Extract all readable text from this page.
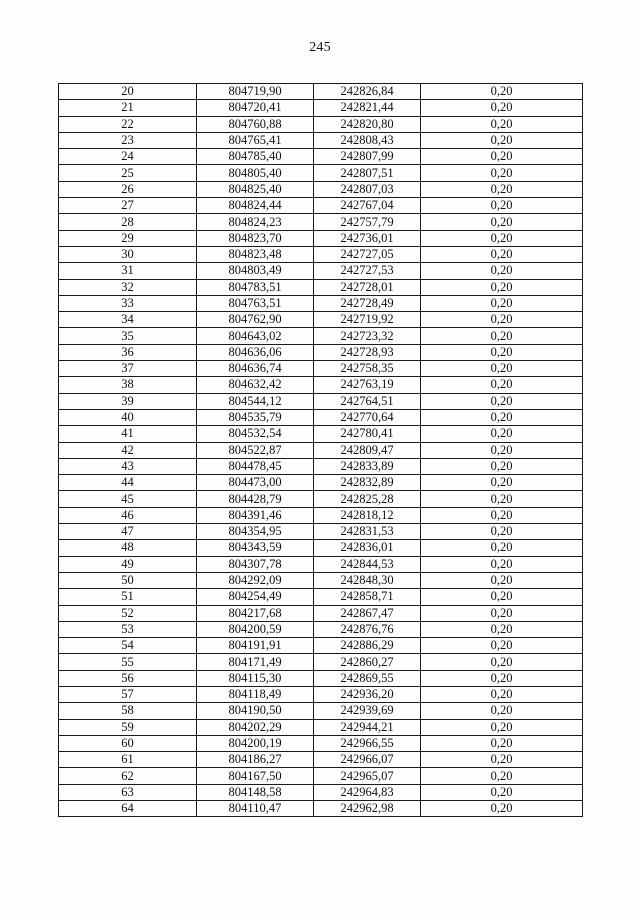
245
20	804719,90	242826,84	0,20
21	804720,41	242821,44	0,20
22	804760,88	242820,80	0,20
23	804765,41	242808,43	0,20
24	804785,40	242807,99	0,20
25	804805,40	242807,51	0,20
26	804825,40	242807,03	0,20
27	804824,44	242767,04	0,20
28	804824,23	242757,79	0,20
29	804823,70	242736,01	0,20
30	804823,48	242727,05	0,20
31	804803,49	242727,53	0,20
32	804783,51	242728,01	0,20
33	804763,51	242728,49	0,20
34	804762,90	242719,92	0,20
35	804643,02	242723,32	0,20
36	804636,06	242728,93	0,20
37	804636,74	242758,35	0,20
38	804632,42	242763,19	0,20
39	804544,12	242764,51	0,20
40	804535,79	242770,64	0,20
41	804532,54	242780,41	0,20
42	804522,87	242809,47	0,20
43	804478,45	242833,89	0,20
44	804473,00	242832,89	0,20
45	804428,79	242825,28	0,20
46	804391,46	242818,12	0,20
47	804354,95	242831,53	0,20
48	804343,59	242836,01	0,20
49	804307,78	242844,53	0,20
50	804292,09	242848,30	0,20
51	804254,49	242858,71	0,20
52	804217,68	242867,47	0,20
53	804200,59	242876,76	0,20
54	804191,91	242886,29	0,20
55	804171,49	242860,27	0,20
56	804115,30	242869,55	0,20
57	804118,49	242936,20	0,20
58	804190,50	242939,69	0,20
59	804202,29	242944,21	0,20
60	804200,19	242966,55	0,20
61	804186,27	242966,07	0,20
62	804167,50	242965,07	0,20
63	804148,58	242964,83	0,20
64	804110,47	242962,98	0,20
